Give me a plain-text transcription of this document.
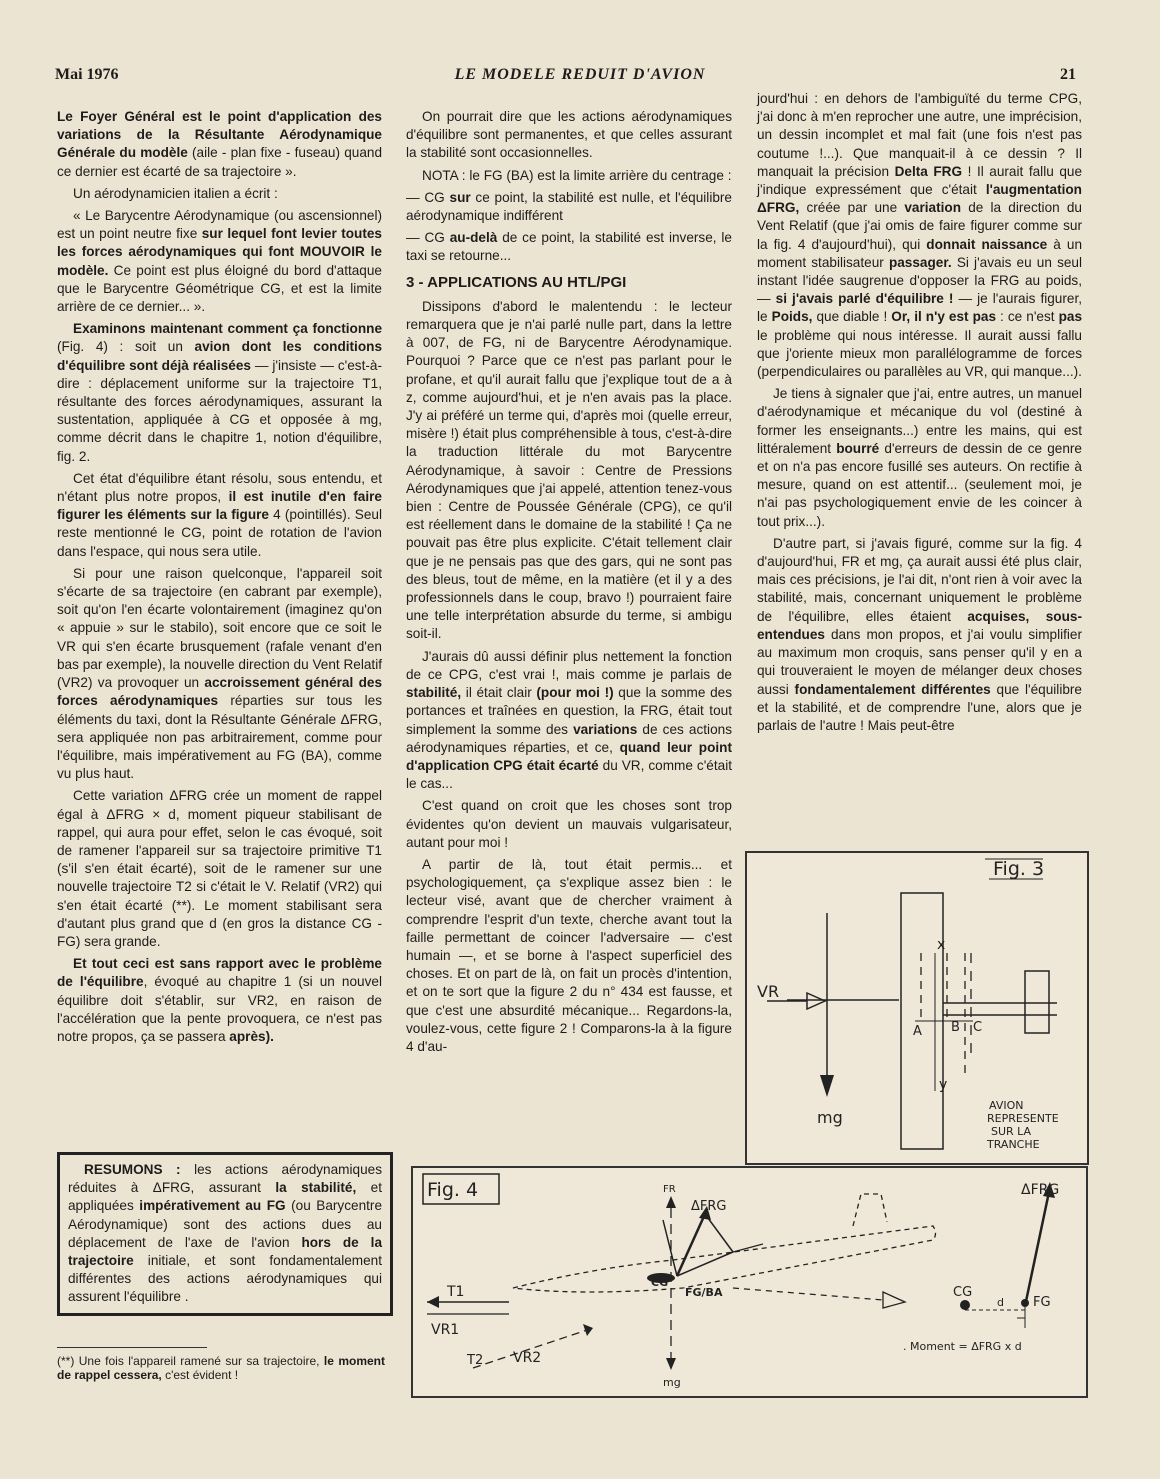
Mai 1976	LE MODELE REDUIT D'AVION	21

Le Foyer Général est le point d'application des variations de la Résultante Aérodynamique Générale du modèle (aile - plan fixe - fuseau) quand ce dernier est écarté de sa trajectoire ».

Un aérodynamicien italien a écrit :

« Le Barycentre Aérodynamique (ou ascensionnel) est un point neutre fixe sur lequel font levier toutes les forces aérodynamiques qui font MOUVOIR le modèle. Ce point est plus éloigné du bord d'attaque que le Barycentre Géométrique CG, et est la limite arrière de ce dernier... ».

Examinons maintenant comment ça fonctionne (Fig. 4) : soit un avion dont les conditions d'équilibre sont déjà réalisées — j'insiste — c'est-à-dire : déplacement uniforme sur la trajectoire T1, résultante des forces aérodynamiques, assurant la sustentation, appliquée à CG et opposée à mg, comme décrit dans le chapitre 1, notion d'équilibre, fig. 2.

Cet état d'équilibre étant résolu, sous entendu, et n'étant plus notre propos, il est inutile d'en faire figurer les éléments sur la figure 4 (pointillés). Seul reste mentionné le CG, point de rotation de l'avion dans l'espace, qui nous sera utile.

Si pour une raison quelconque, l'appareil soit s'écarte de sa trajectoire (en cabrant par exemple), soit qu'on l'en écarte volontairement (imaginez qu'on « appuie » sur le stabilo), soit encore que ce soit le VR qui s'en écarte brusquement (rafale venant d'en bas par exemple), la nouvelle direction du Vent Relatif (VR2) va provoquer un accroissement général des forces aérodynamiques réparties sur tous les éléments du taxi, dont la Résultante Générale ΔFRG, sera appliquée non pas arbitrairement, comme pour l'équilibre, mais impérativement au FG (BA), comme vu plus haut.

Cette variation ΔFRG crée un moment de rappel égal à ΔFRG × d, moment piqueur stabilisant de rappel, qui aura pour effet, selon le cas évoqué, soit de ramener l'appareil sur sa trajectoire primitive T1 (s'il s'en était écarté), soit de le ramener sur une nouvelle trajectoire T2 si c'était le V. Relatif (VR2) qui s'en était écarté (**). Le moment stabilisant sera d'autant plus grand que d (en gros la distance CG - FG) sera grande.

Et tout ceci est sans rapport avec le problème de l'équilibre, évoqué au chapitre 1 (si un nouvel équilibre doit s'établir, sur VR2, en raison de l'accélération que la pente provoquera, ce n'est pas notre propos, ça se passera après).

RESUMONS : les actions aérodynamiques réduites à ΔFRG, assurant la stabilité, et appliquées impérativement au FG (ou Barycentre Aérodynamique) sont des actions dues au déplacement de l'axe de l'avion hors de la trajectoire initiale, et sont fondamentalement différentes des actions aérodynamiques qui assurent l'équilibre .

(**) Une fois l'appareil ramené sur sa trajectoire, le moment de rappel cessera, c'est évident !

On pourrait dire que les actions aérodynamiques d'équilibre sont permanentes, et que celles assurant la stabilité sont occasionnelles.

NOTA : le FG (BA) est la limite arrière du centrage :

— CG sur ce point, la stabilité est nulle, et l'équilibre aérodynamique indifférent

— CG au-delà de ce point, la stabilité est inverse, le taxi se retourne...

3 - APPLICATIONS AU HTL/PGI

Dissipons d'abord le malentendu : le lecteur remarquera que je n'ai parlé nulle part, dans la lettre à 007, de FG, ni de Barycentre Aérodynamique. Pourquoi ? Parce que ce n'est pas parlant pour le profane, et qu'il aurait fallu que j'explique tout de a à z, comme aujourd'hui, et je n'en avais pas la place. J'y ai préféré un terme qui, d'après moi (quelle erreur, misère !) était plus compréhensible à tous, c'est-à-dire la traduction littérale du mot Barycentre Aérodynamique, à savoir : Centre de Pressions Aérodynamiques que j'ai appelé, attention tenez-vous bien : Centre de Poussée Générale (CPG), ce qu'il est réellement dans le domaine de la stabilité ! Ça ne pouvait pas être plus explicite. C'était tellement clair que je ne pensais pas que des gars, qui ne sont pas des bleus, tout de même, en la matière (et il y a des professionnels dans le coup, bravo !) pourraient faire une telle interprétation absurde du terme, si ambigu soit-il.

J'aurais dû aussi définir plus nettement la fonction de ce CPG, c'est vrai !, mais comme je parlais de stabilité, il était clair (pour moi !) que la somme des portances et traînées en question, la FRG, était tout simplement la somme des variations de ces actions aérodynamiques réparties, et ce, quand leur point d'application CPG était écarté du VR, comme c'était le cas...

C'est quand on croit que les choses sont trop évidentes qu'on devient un mauvais vulgarisateur, autant pour moi !

A partir de là, tout était permis... et psychologiquement, ça s'explique assez bien : le lecteur visé, avant que de chercher vraiment à comprendre l'esprit d'un texte, cherche avant tout la faille permettant de coincer l'adversaire — c'est humain —, et se borne à l'aspect superficiel des choses. Et on part de là, on fait un procès d'intention, et on te sort que la figure 2 du n° 434 est fausse, et que c'est une absurdité mécanique... Regardons-la, voulez-vous, cette figure 2 ! Comparons-la à la figure 4 d'au-

jourd'hui : en dehors de l'ambiguïté du terme CPG, j'ai donc à m'en reprocher une autre, une imprécision, un dessin incomplet et mal fait (une fois n'est pas coutume !...). Que manquait-il à ce dessin ? Il manquait la précision Delta FRG ! Il aurait fallu que j'indique expressément que c'était l'augmentation ΔFRG, créée par une variation de la direction du Vent Relatif (que j'ai omis de faire figurer comme sur la fig. 4 d'aujourd'hui), qui donnait naissance à un moment stabilisateur passager. Si j'avais eu un seul instant l'idée saugrenue d'opposer la FRG au poids, — si j'avais parlé d'équilibre ! — je l'aurais figurer, le Poids, que diable ! Or, il n'y est pas : ce n'est pas le problème qui nous intéresse. Il aurait aussi fallu que j'oriente mieux mon parallélogramme de forces (perpendiculaires ou parallèles au VR, qui manque...).

Je tiens à signaler que j'ai, entre autres, un manuel d'aérodynamique et mécanique du vol (destiné à former les enseignants...) entre les mains, qui est littéralement bourré d'erreurs de dessin de ce genre et on n'a pas encore fusillé ses auteurs. On rectifie à mesure, quand on est attentif... (seulement moi, je n'ai pas psychologiquement envie de les coincer à tout prix...).

D'autre part, si j'avais figuré, comme sur la fig. 4 d'aujourd'hui, FR et mg, ça aurait aussi été plus clair, mais ces précisions, je l'ai dit, n'ont rien à voir avec la stabilité, mais, concernant uniquement le problème de l'équilibre, elles étaient acquises, sous-entendues dans mon propos, et j'ai voulu simplifier au maximum mon croquis, sans penser qu'il y en a qui trouveraient le moyen de mélanger deux choses aussi fondamentalement différentes que l'équilibre et la stabilité, et de comprendre l'une, alors que je parlais de l'autre ! Mais peut-être

Fig. 3
VR
mg
x
y
A B C
AVION
REPRESENTE
SUR LA
TRANCHE
Fig. 4
T1
VR1
T2 VR2
FR
ΔFRG
CG
FG/BA
mg
ΔFRG
CG
FG
d
. Moment = ΔFRG x d
